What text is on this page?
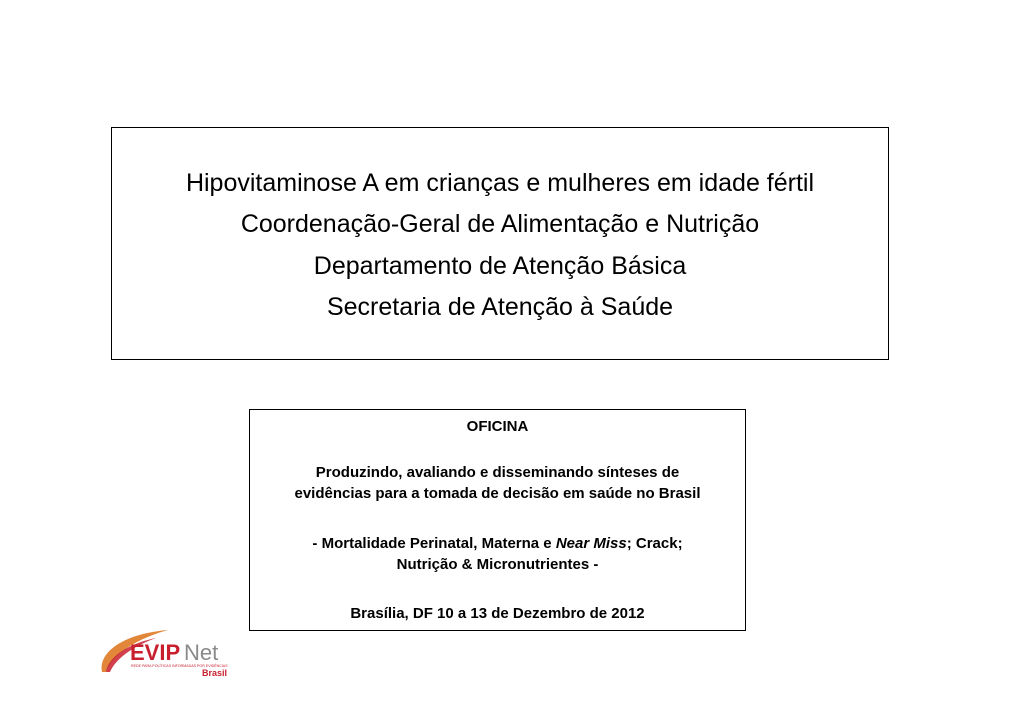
Hipovitaminose A em crianças e mulheres em idade fértil
Coordenação-Geral de Alimentação e Nutrição
Departamento de Atenção Básica
Secretaria de Atenção à Saúde
OFICINA
Produzindo, avaliando e disseminando sínteses de
evidências para a tomada de decisão em saúde no Brasil
- Mortalidade Perinatal, Materna e Near Miss; Crack;
Nutrição & Micronutrientes -
Brasília, DF 10 a 13 de Dezembro de 2012
EVIP Net
REDE PARA POLÍTICAS INFORMADAS POR EVIDÊNCIAS
Brasil
